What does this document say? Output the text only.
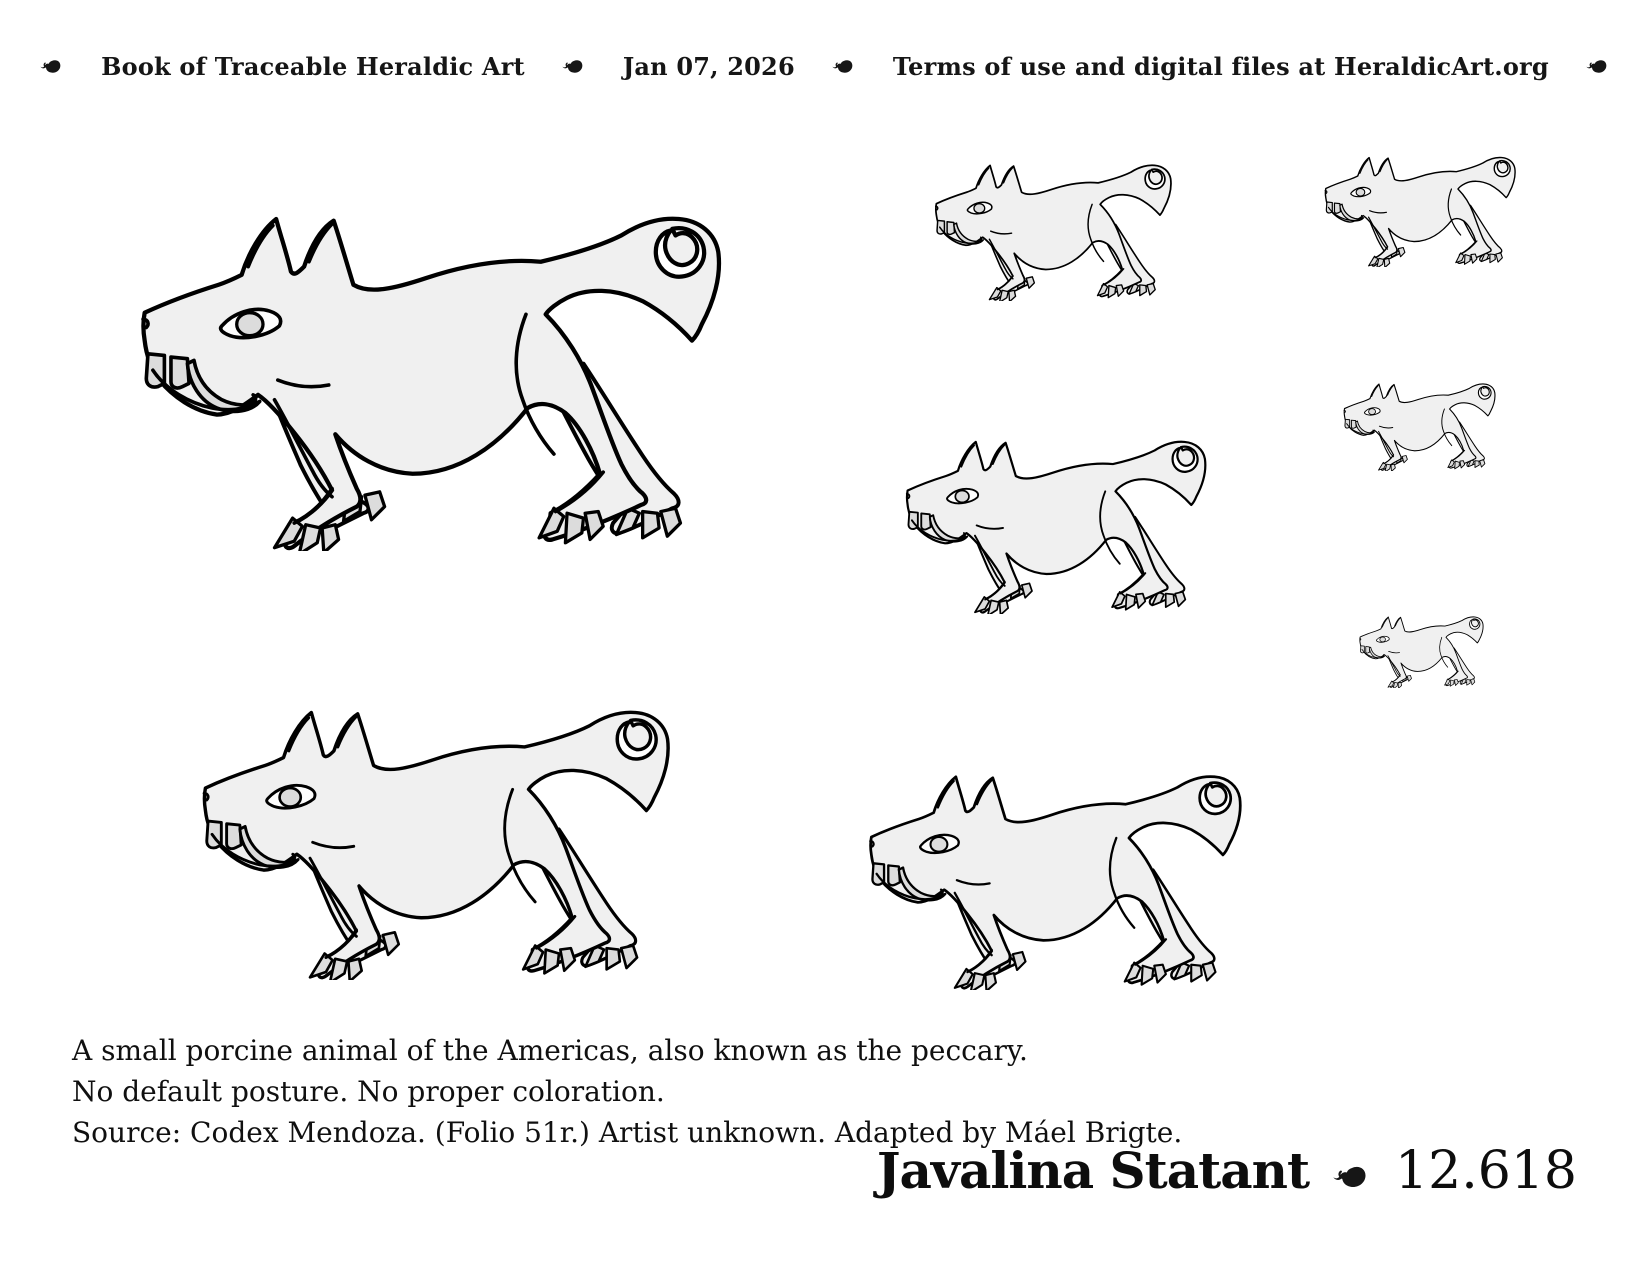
Book of Traceable Heraldic Art	Jan 07, 2026	Terms of use and digital files at HeraldicArt.org
A small porcine animal of the Americas, also known as the peccary.
No default posture. No proper coloration.
Source: Codex Mendoza. (Folio 51r.) Artist unknown. Adapted by Máel Brigte.
Javalina Statant 12.618
